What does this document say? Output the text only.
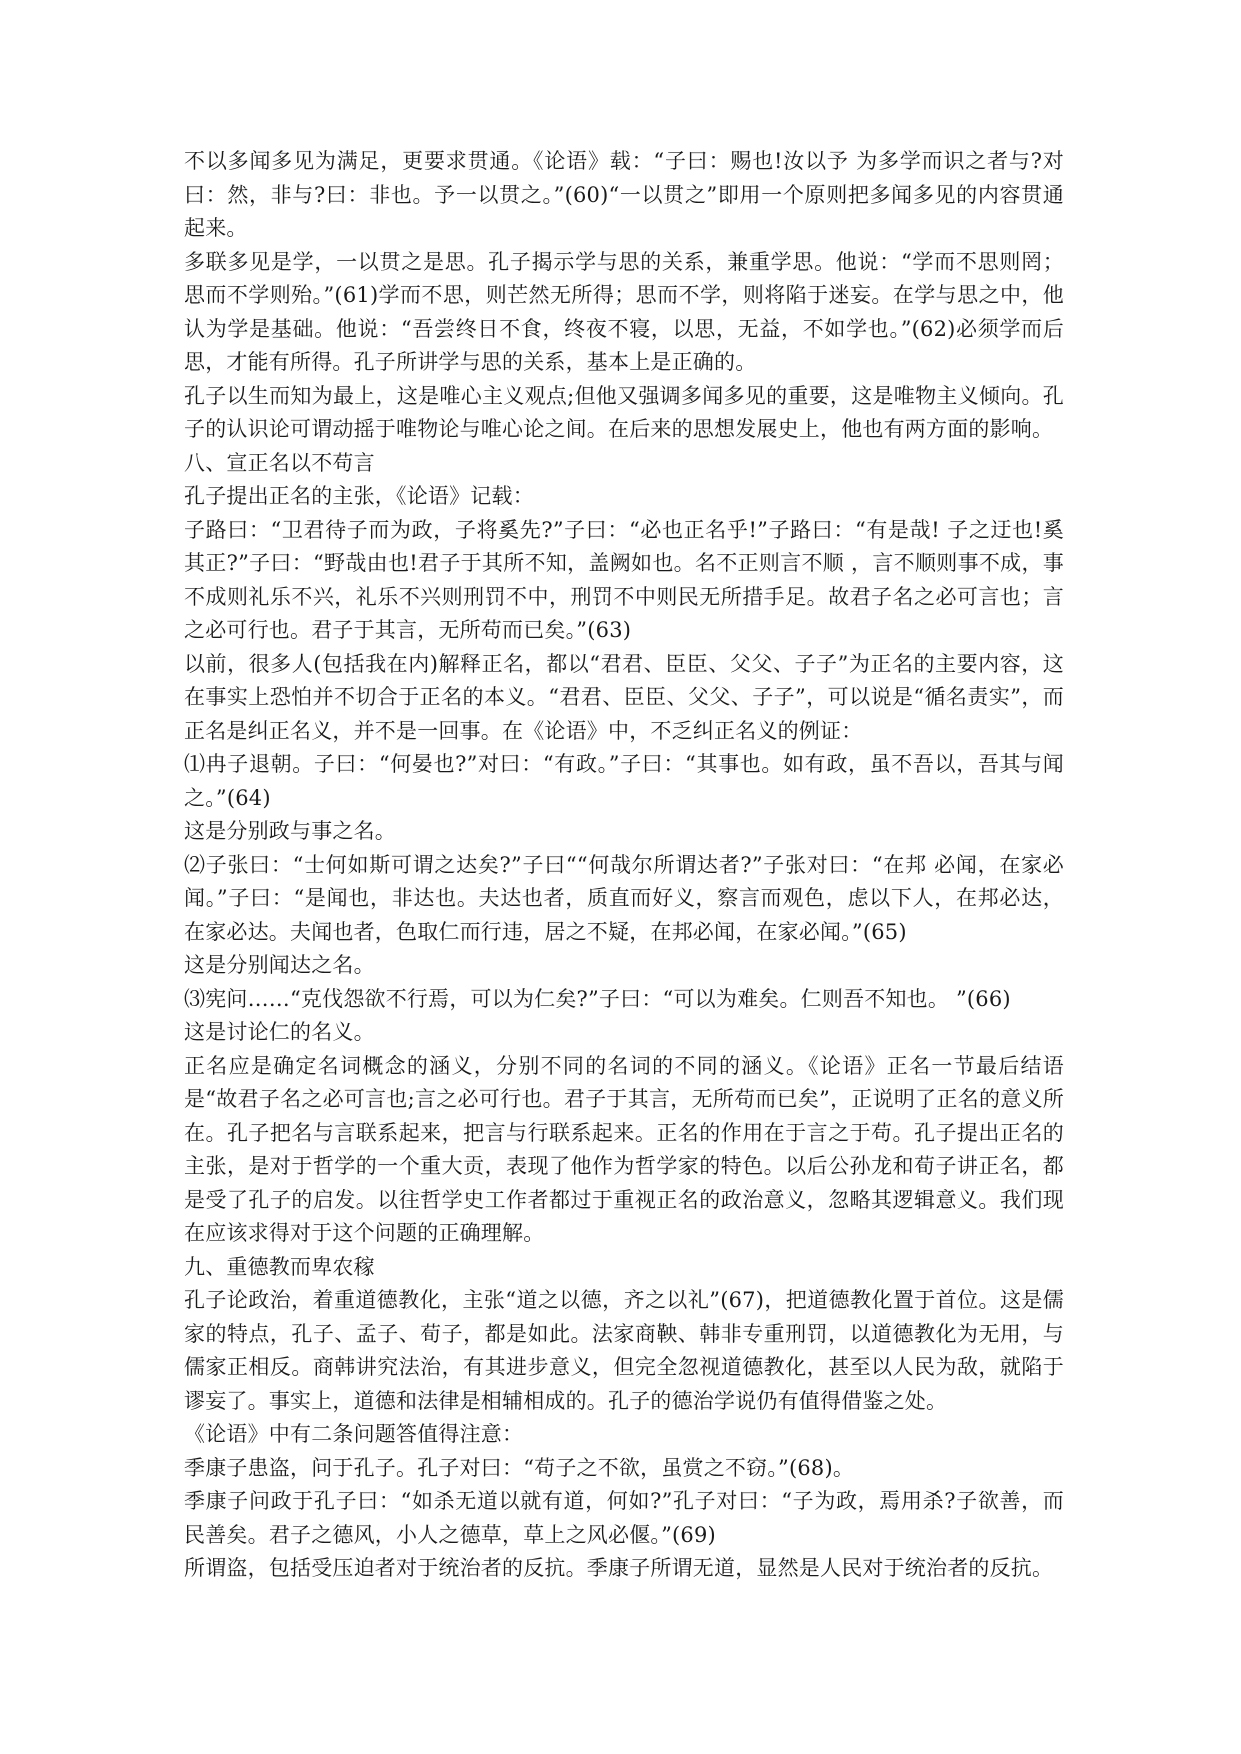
不以多闻多见为满足，更要求贯通。《论语》载：“子曰：赐也!汝以予 为多学而识之者与?对曰：然，非与?曰：非也。予一以贯之。”(60)“一以贯之”即用一个原则把多闻多见的内容贯通起来。

多联多见是学，一以贯之是思。孔子揭示学与思的关系，兼重学思。他说：“学而不思则罔；思而不学则殆。”(61)学而不思，则芒然无所得；思而不学，则将陷于迷妄。在学与思之中，他认为学是基础。他说：“吾尝终日不食，终夜不寝，以思，无益，不如学也。”(62)必须学而后思，才能有所得。孔子所讲学与思的关系，基本上是正确的。

孔子以生而知为最上，这是唯心主义观点;但他又强调多闻多见的重要，这是唯物主义倾向。孔子的认识论可谓动摇于唯物论与唯心论之间。在后来的思想发展史上，他也有两方面的影响。

八、宣正名以不苟言

孔子提出正名的主张，《论语》记载：

子路曰：“卫君待子而为政，子将奚先?”子曰：“必也正名乎!”子路曰：“有是哉! 子之迂也!奚其正?”子曰：“野哉由也!君子于其所不知，盖阙如也。名不正则言不顺 ，言不顺则事不成，事不成则礼乐不兴，礼乐不兴则刑罚不中，刑罚不中则民无所措手足。故君子名之必可言也；言之必可行也。君子于其言，无所苟而已矣。”(63)

以前，很多人(包括我在内)解释正名，都以“君君、臣臣、父父、子子”为正名的主要内容，这在事实上恐怕并不切合于正名的本义。“君君、臣臣、父父、子子”，可以说是“循名责实”，而正名是纠正名义，并不是一回事。在《论语》中，不乏纠正名义的例证：

⑴冉子退朝。子曰：“何晏也?”对曰：“有政。”子曰：“其事也。如有政，虽不吾以，吾其与闻之。”(64)

这是分别政与事之名。

⑵子张曰：“士何如斯可谓之达矣?”子曰““何哉尔所谓达者?”子张对曰：“在邦 必闻，在家必闻。”子曰：“是闻也，非达也。夫达也者，质直而好义，察言而观色，虑以下人，在邦必达，在家必达。夫闻也者，色取仁而行违，居之不疑，在邦必闻，在家必闻。”(65)

这是分别闻达之名。

⑶宪问……“克伐怨欲不行焉，可以为仁矣?”子曰：“可以为难矣。仁则吾不知也。 ”(66)

这是讨论仁的名义。

正名应是确定名词概念的涵义，分别不同的名词的不同的涵义。《论语》正名一节最后结语是“故君子名之必可言也;言之必可行也。君子于其言，无所苟而已矣”，正说明了正名的意义所在。孔子把名与言联系起来，把言与行联系起来。正名的作用在于言之于苟。孔子提出正名的主张，是对于哲学的一个重大贡，表现了他作为哲学家的特色。以后公孙龙和荀子讲正名，都是受了孔子的启发。以往哲学史工作者都过于重视正名的政治意义，忽略其逻辑意义。我们现在应该求得对于这个问题的正确理解。

九、重德教而卑农稼

孔子论政治，着重道德教化，主张“道之以德，齐之以礼”(67)，把道德教化置于首位。这是儒家的特点，孔子、孟子、荀子，都是如此。法家商鞅、韩非专重刑罚，以道德教化为无用，与儒家正相反。商韩讲究法治，有其进步意义，但完全忽视道德教化，甚至以人民为敌，就陷于谬妄了。事实上，道德和法律是相辅相成的。孔子的德治学说仍有值得借鉴之处。

《论语》中有二条问题答值得注意：

季康子患盗，问于孔子。孔子对曰：“苟子之不欲，虽赏之不窃。”(68)。

季康子问政于孔子曰：“如杀无道以就有道，何如?”孔子对曰：“子为政，焉用杀?子欲善，而民善矣。君子之德风，小人之德草，草上之风必偃。”(69)

所谓盗，包括受压迫者对于统治者的反抗。季康子所谓无道，显然是人民对于统治者的反抗。
